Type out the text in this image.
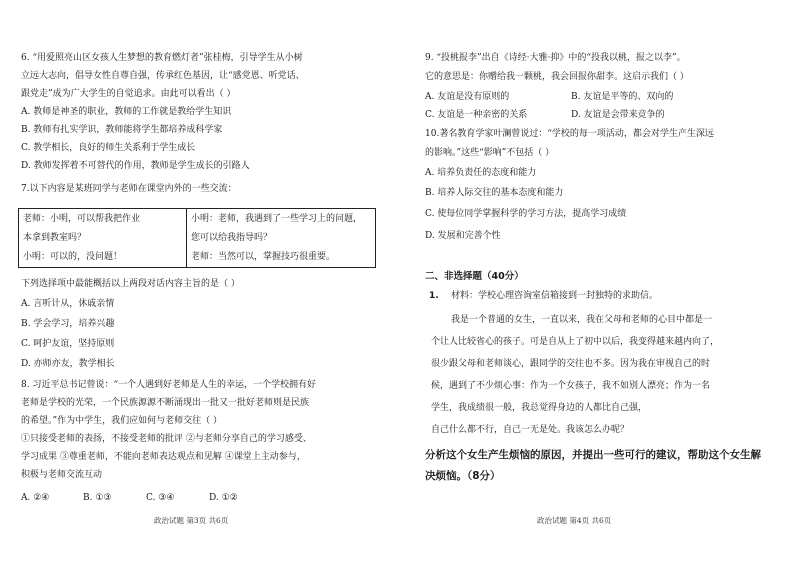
6. “用爱照亮山区女孩人生梦想的教育燃灯者”张桂梅，引导学生从小树
立远大志向，倡导女性自尊自强，传承红色基因，让“感党恩、听党话、
跟党走”成为广大学生的自觉追求。由此可以看出（ ）
A. 教师是神圣的职业，教师的工作就是教给学生知识
B. 教师有扎实学识，教师能将学生都培养成科学家
C. 教学相长，良好的师生关系利于学生成长
D. 教师发挥着不可替代的作用，教师是学生成长的引路人
7.以下内容是某班同学与老师在课堂内外的一些交流：
老师：小明，可以帮我把作业
本拿到教室吗？
小明：可以的，没问题！
小明：老师，我遇到了一些学习上的问题，
您可以给我指导吗？
老师：当然可以，掌握技巧很重要。
下列选择项中最能概括以上两段对话内容主旨的是（ ）
A. 言听计从，休戚亲情
B. 学会学习，培养兴趣
C. 呵护友谊，坚持原则
D. 亦师亦友，教学相长
8. 习近平总书记曾说：“一个人遇到好老师是人生的幸运，一个学校拥有好
老师是学校的光荣，一个民族源源不断涌现出一批又一批好老师则是民族
的希望。”作为中学生，我们应如何与老师交往（ ）
①只接受老师的表扬，不接受老师的批评 ②与老师分享自己的学习感受、
学习成果 ③尊重老师，不能向老师表达观点和见解 ④课堂上主动参与，
积极与老师交流互动
A. ②④	B. ①③	C. ③④	D. ①②
政治试题 第3页 共6页
9. “投桃报李”出自《诗经·大雅·抑》中的“投我以桃，报之以李”。
它的意思是：你赠给我一颗桃，我会回报你甜李。这启示我们（ ）
A. 友谊是没有原则的	B. 友谊是平等的、双向的
C. 友谊是一种亲密的关系	D. 友谊是会带来竞争的
10.著名教育学家叶澜曾说过：“学校的每一项活动，都会对学生产生深远
的影响。”这些“影响”不包括（ ）
A. 培养负责任的态度和能力
B. 培养人际交往的基本态度和能力
C. 使每位同学掌握科学的学习方法，提高学习成绩
D. 发展和完善个性
二、非选择题（40分）
1. 材料：学校心理咨询室信箱接到一封独特的求助信。
我是一个普通的女生，一直以来，我在父母和老师的心目中都是一
个让人比较省心的孩子。可是自从上了初中以后，我变得越来越内向了，
很少跟父母和老师谈心，跟同学的交往也不多。因为我在审视自己的时
候，遇到了不少烦心事：作为一个女孩子，我不如别人漂亮；作为一名
学生，我成绩很一般，我总觉得身边的人都比自己强，
自己什么都不行，自己一无是处。我该怎么办呢？
分析这个女生产生烦恼的原因，并提出一些可行的建议，帮助这个女生解
决烦恼。（8分）
政治试题 第4页 共6页
